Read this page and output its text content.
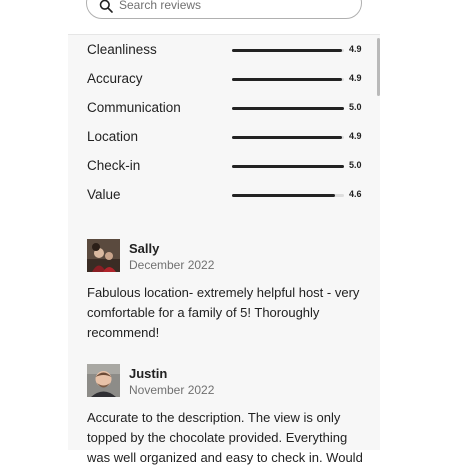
Search reviews
Cleanliness	4.9
Accuracy	4.9
Communication	5.0
Location	4.9
Check-in	5.0
Value	4.6
Sally
December 2022
Fabulous location- extremely helpful host - very comfortable for a family of 5! Thoroughly recommend!
Justin
November 2022
Accurate to the description. The view is only topped by the chocolate provided. Everything was well organized and easy to check in. Would
